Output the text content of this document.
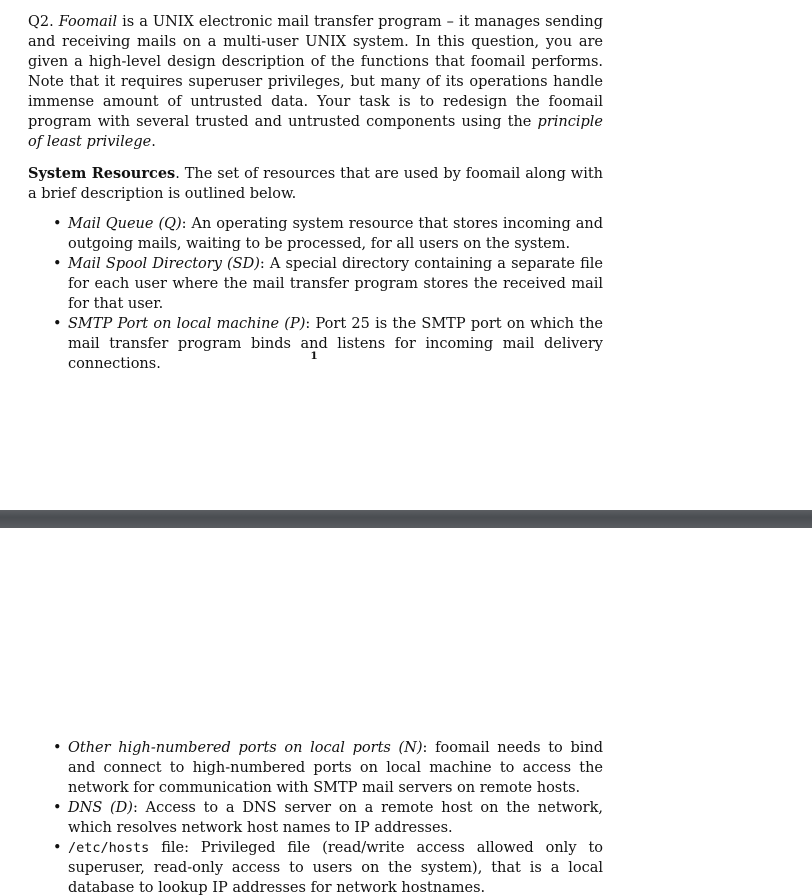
Q2. Foomail is a UNIX electronic mail transfer program – it manages sending and receiving mails on a multi-user UNIX system. In this question, you are given a high-level design description of the functions that foomail performs. Note that it requires superuser privileges, but many of its operations handle immense amount of untrusted data. Your task is to redesign the foomail program with several trusted and untrusted components using the principle of least privilege.

System Resources. The set of resources that are used by foomail along with a brief description is outlined below.

• Mail Queue (Q): An operating system resource that stores incoming and outgoing mails, waiting to be processed, for all users on the system.
• Mail Spool Directory (SD): A special directory containing a separate file for each user where the mail transfer program stores the received mail for that user.
• SMTP Port on local machine (P): Port 25 is the SMTP port on which the mail transfer program binds and listens for incoming mail delivery connections.	1
• Other high-numbered ports on local ports (N): foomail needs to bind and connect to high-numbered ports on local machine to access the network for communication with SMTP mail servers on remote hosts.
• DNS (D): Access to a DNS server on a remote host on the network, which resolves network host names to IP addresses.
• /etc/hosts file: Privileged file (read/write access allowed only to superuser, read-only access to users on the system), that is a local database to lookup IP addresses for network hostnames.
